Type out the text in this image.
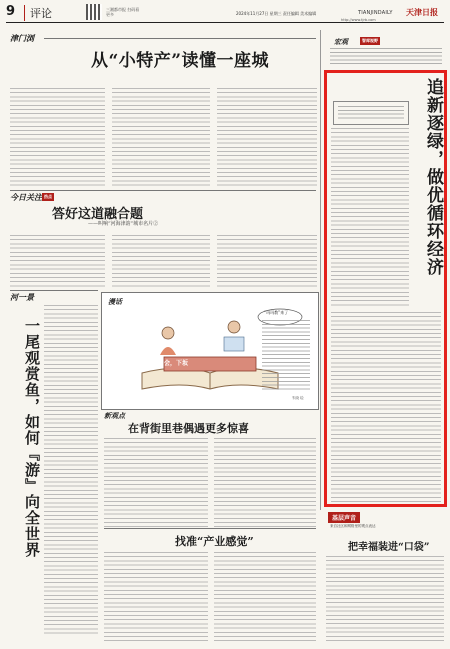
9	评论	三湘都市报 扫码看更多	2024年11月27日 星期三 责任编辑 美术编辑	TIANJINDAILY 天津日报
http://www.tjrb.com
津门浏
从“小特产”读懂一座城
宏观	智库视野
追新逐绿，做优循环经济
今日关注 热点
答好这道融合题
——叫响“河海津韵”城市名片②
河一景
一尾观赏鱼，如何『游』向全世界
漫话
会，下坂
“玛玛教”来了
朱晓 绘
新观点
在背街里巷偶遇更多惊喜
找准“产业感觉”
基层声音
来自社区和网格里的观点表达
把幸福装进“口袋”
